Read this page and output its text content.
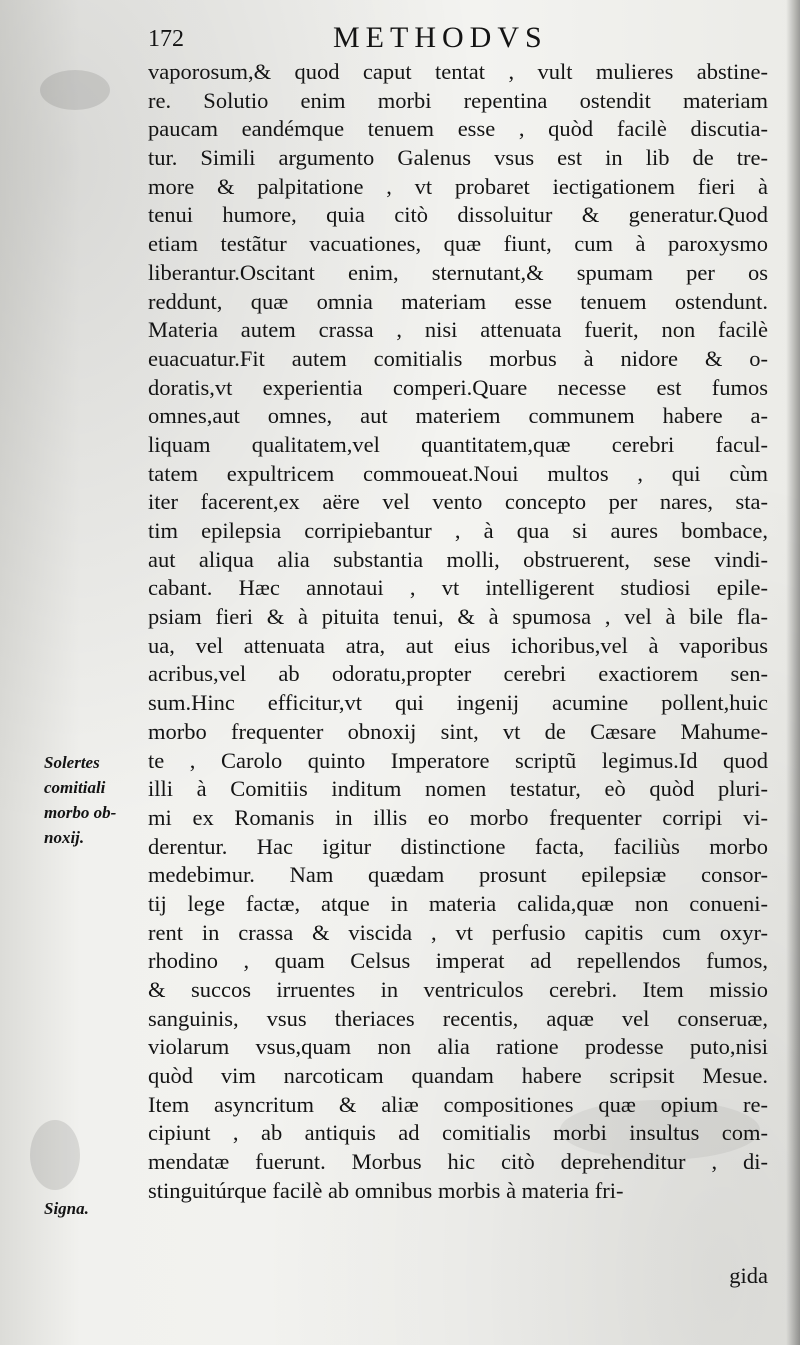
172	METHODVS
Solertes
comitiali
morbo ob-
noxij.
Signa.
vaporosum,& quod caput tentat , vult mulieres abstine-
re. Solutio enim morbi repentina ostendit materiam
paucam eandémque tenuem esse , quòd facilè discutia-
tur. Simili argumento Galenus vsus est in lib de tre-
more & palpitatione , vt probaret iectigationem fieri à
tenui humore, quia citò dissoluitur & generatur.Quod
etiam testãtur vacuationes, quæ fiunt, cum à paroxysmo
liberantur.Oscitant enim, sternutant,& spumam per os
reddunt, quæ omnia materiam esse tenuem ostendunt.
Materia autem crassa , nisi attenuata fuerit, non facilè
euacuatur.Fit autem comitialis morbus à nidore & o-
doratis,vt experientia comperi.Quare necesse est fumos
omnes,aut omnes, aut materiem communem habere a-
liquam qualitatem,vel quantitatem,quæ cerebri facul-
tatem expultricem commoueat.Noui multos , qui cùm
iter facerent,ex aëre vel vento concepto per nares, sta-
tim epilepsia corripiebantur , à qua si aures bombace,
aut aliqua alia substantia molli, obstruerent, sese vindi-
cabant. Hæc annotaui , vt intelligerent studiosi epile-
psiam fieri & à pituita tenui, & à spumosa , vel à bile fla-
ua, vel attenuata atra, aut eius ichoribus,vel à vaporibus
acribus,vel ab odoratu,propter cerebri exactiorem sen-
sum.Hinc efficitur,vt qui ingenij acumine pollent,huic
morbo frequenter obnoxij sint, vt de Cæsare Mahume-
te , Carolo quinto Imperatore scriptũ legimus.Id quod
illi à Comitiis inditum nomen testatur, eò quòd pluri-
mi ex Romanis in illis eo morbo frequenter corripi vi-
derentur. Hac igitur distinctione facta, faciliùs morbo
medebimur. Nam quædam prosunt epilepsiæ consor-
tij lege factæ, atque in materia calida,quæ non conueni-
rent in crassa & viscida , vt perfusio capitis cum oxyr-
rhodino , quam Celsus imperat ad repellendos fumos,
& succos irruentes in ventriculos cerebri. Item missio
sanguinis, vsus theriaces recentis, aquæ vel conseruæ,
violarum vsus,quam non alia ratione prodesse puto,nisi
quòd vim narcoticam quandam habere scripsit Mesue.
Item asyncritum & aliæ compositiones quæ opium re-
cipiunt , ab antiquis ad comitialis morbi insultus com-
mendatæ fuerunt. Morbus hic citò deprehenditur , di-
stinguitúrque facilè ab omnibus morbis à materia fri-
gida
